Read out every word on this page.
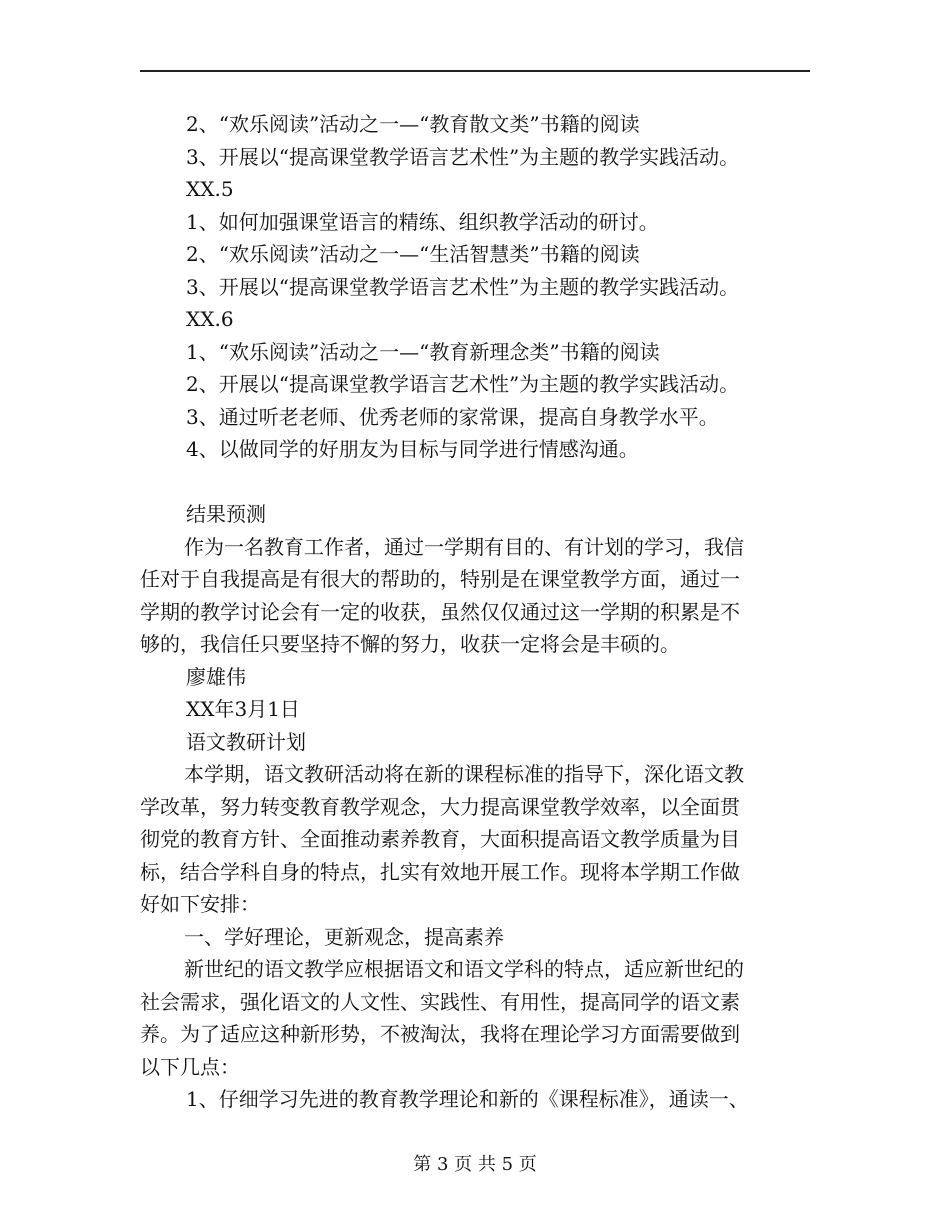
2、“欢乐阅读”活动之一—“教育散文类”书籍的阅读
3、开展以“提高课堂教学语言艺术性”为主题的教学实践活动。
XX.5
1、如何加强课堂语言的精练、组织教学活动的研讨。
2、“欢乐阅读”活动之一—“生活智慧类”书籍的阅读
3、开展以“提高课堂教学语言艺术性”为主题的教学实践活动。
XX.6
1、“欢乐阅读”活动之一—“教育新理念类”书籍的阅读
2、开展以“提高课堂教学语言艺术性”为主题的教学实践活动。
3、通过听老老师、优秀老师的家常课，提高自身教学水平。
4、以做同学的好朋友为目标与同学进行情感沟通。
结果预测
作为一名教育工作者，通过一学期有目的、有计划的学习，我信
任对于自我提高是有很大的帮助的，特别是在课堂教学方面，通过一
学期的教学讨论会有一定的收获，虽然仅仅通过这一学期的积累是不
够的，我信任只要坚持不懈的努力，收获一定将会是丰硕的。
廖雄伟
XX年3月1日
语文教研计划
本学期，语文教研活动将在新的课程标准的指导下，深化语文教
学改革，努力转变教育教学观念，大力提高课堂教学效率，以全面贯
彻党的教育方针、全面推动素养教育，大面积提高语文教学质量为目
标，结合学科自身的特点，扎实有效地开展工作。现将本学期工作做
好如下安排：
一、学好理论，更新观念，提高素养
新世纪的语文教学应根据语文和语文学科的特点，适应新世纪的
社会需求，强化语文的人文性、实践性、有用性，提高同学的语文素
养。为了适应这种新形势，不被淘汰，我将在理论学习方面需要做到
以下几点：
1、仔细学习先进的教育教学理论和新的《课程标准》，通读一、
第 3 页 共 5 页
